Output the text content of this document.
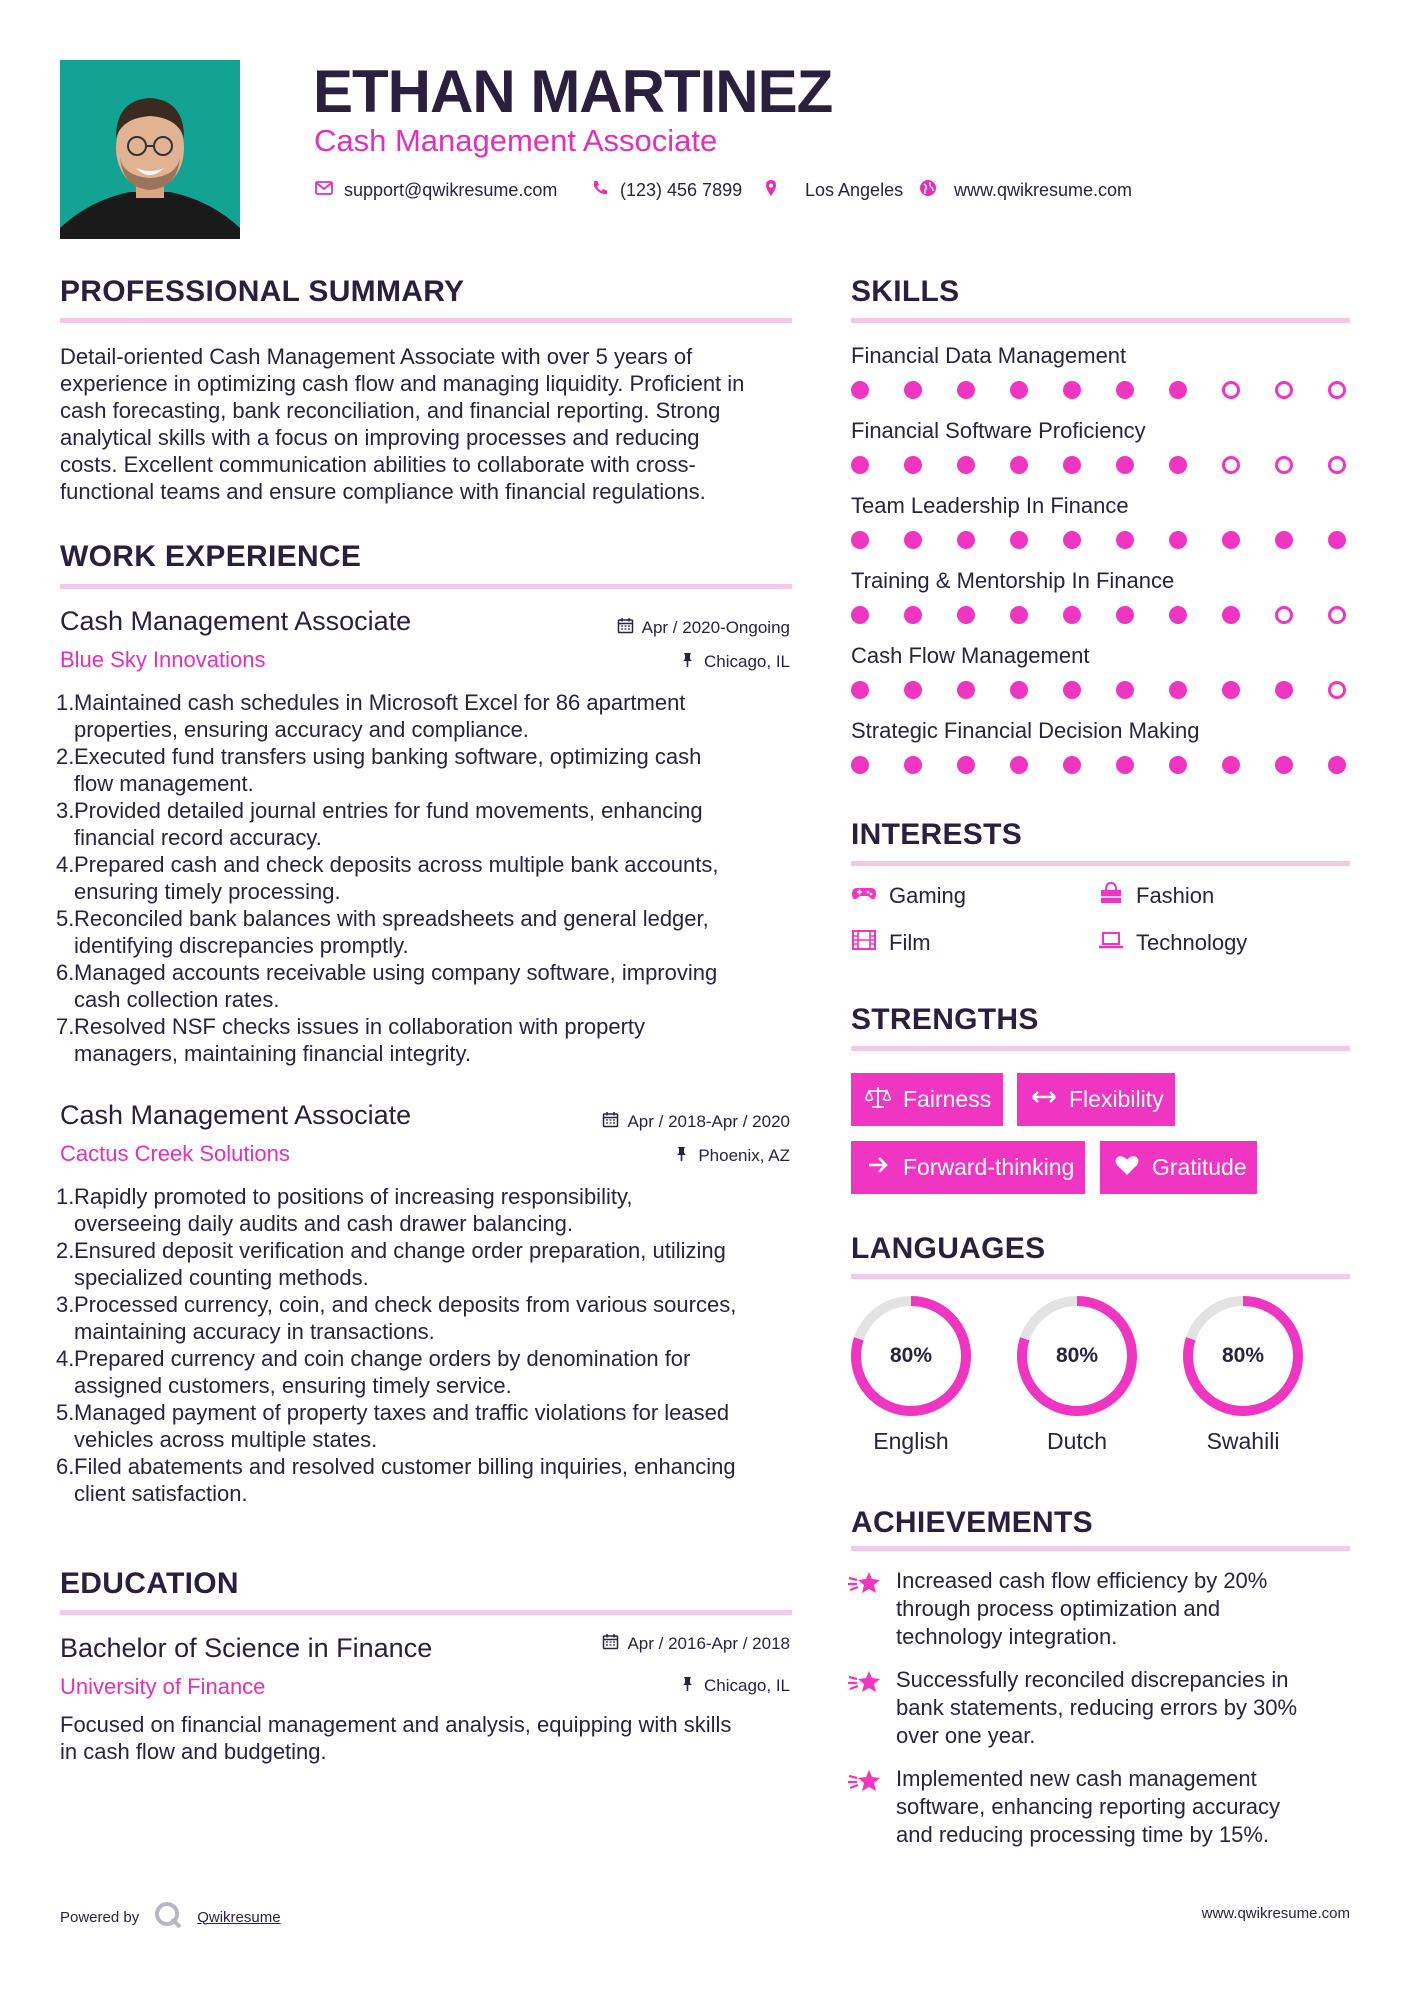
ETHAN MARTINEZ
Cash Management Associate
support@qwikresume.com	(123) 456 7899	Los Angeles	www.qwikresume.com
PROFESSIONAL SUMMARY
Detail-oriented Cash Management Associate with over 5 years of
experience in optimizing cash flow and managing liquidity. Proficient in
cash forecasting, bank reconciliation, and financial reporting. Strong
analytical skills with a focus on improving processes and reducing
costs. Excellent communication abilities to collaborate with cross-
functional teams and ensure compliance with financial regulations.
WORK EXPERIENCE
Cash Management Associate
Blue Sky Innovations
Apr / 2020-Ongoing
Chicago, IL
1. Maintained cash schedules in Microsoft Excel for 86 apartment
properties, ensuring accuracy and compliance.
2. Executed fund transfers using banking software, optimizing cash
flow management.
3. Provided detailed journal entries for fund movements, enhancing
financial record accuracy.
4. Prepared cash and check deposits across multiple bank accounts,
ensuring timely processing.
5. Reconciled bank balances with spreadsheets and general ledger,
identifying discrepancies promptly.
6. Managed accounts receivable using company software, improving
cash collection rates.
7. Resolved NSF checks issues in collaboration with property
managers, maintaining financial integrity.
Cash Management Associate
Cactus Creek Solutions
Apr / 2018-Apr / 2020
Phoenix, AZ
1. Rapidly promoted to positions of increasing responsibility,
overseeing daily audits and cash drawer balancing.
2. Ensured deposit verification and change order preparation, utilizing
specialized counting methods.
3. Processed currency, coin, and check deposits from various sources,
maintaining accuracy in transactions.
4. Prepared currency and coin change orders by denomination for
assigned customers, ensuring timely service.
5. Managed payment of property taxes and traffic violations for leased
vehicles across multiple states.
6. Filed abatements and resolved customer billing inquiries, enhancing
client satisfaction.
EDUCATION
Bachelor of Science in Finance
University of Finance
Apr / 2016-Apr / 2018
Chicago, IL
Focused on financial management and analysis, equipping with skills
in cash flow and budgeting.
SKILLS
Financial Data Management
Financial Software Proficiency
Team Leadership In Finance
Training & Mentorship In Finance
Cash Flow Management
Strategic Financial Decision Making
INTERESTS
Gaming	Fashion
Film	Technology
STRENGTHS
Fairness	Flexibility
Forward-thinking	Gratitude
LANGUAGES
80%
English
80%
Dutch
80%
Swahili
ACHIEVEMENTS
Increased cash flow efficiency by 20%
through process optimization and
technology integration.
Successfully reconciled discrepancies in
bank statements, reducing errors by 30%
over one year.
Implemented new cash management
software, enhancing reporting accuracy
and reducing processing time by 15%.
Powered by	Qwikresume	www.qwikresume.com
